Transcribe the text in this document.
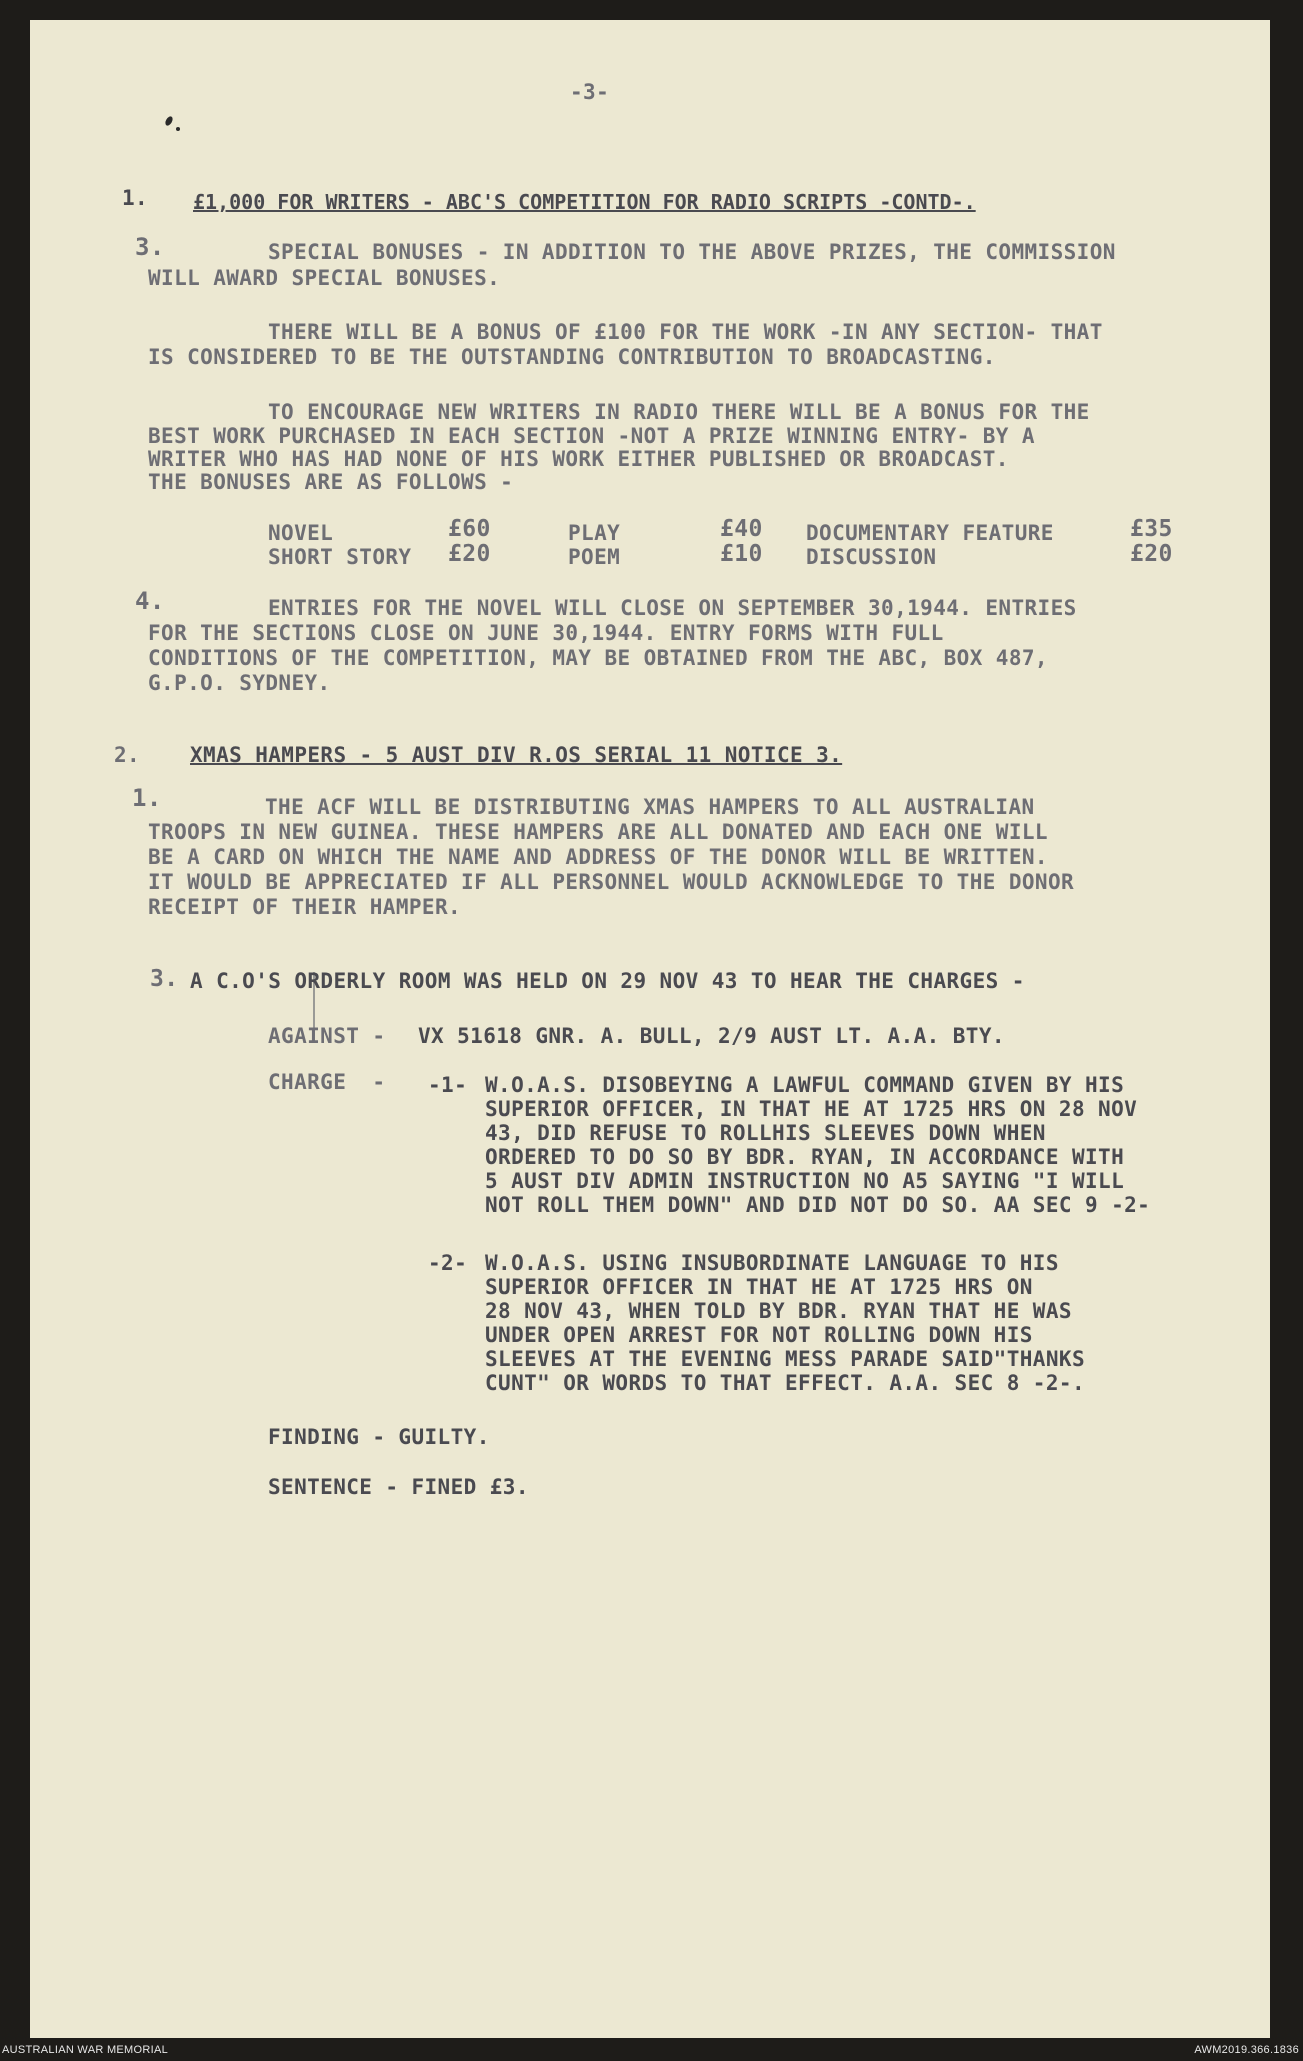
-3-

1. £1,000 FOR WRITERS - ABC'S COMPETITION FOR RADIO SCRIPTS -CONTD-.

3.	SPECIAL BONUSES - IN ADDITION TO THE ABOVE PRIZES, THE COMMISSION

WILL AWARD SPECIAL BONUSES.

THERE WILL BE A BONUS OF £100 FOR THE WORK -IN ANY SECTION- THAT

IS CONSIDERED TO BE THE OUTSTANDING CONTRIBUTION TO BROADCASTING.

TO ENCOURAGE NEW WRITERS IN RADIO THERE WILL BE A BONUS FOR THE

BEST WORK PURCHASED IN EACH SECTION -NOT A PRIZE WINNING ENTRY- BY A

WRITER WHO HAS HAD NONE OF HIS WORK EITHER PUBLISHED OR BROADCAST.

THE BONUSES ARE AS FOLLOWS -

NOVEL	£60	PLAY	£40 DOCUMENTARY FEATURE	£35

SHORT STORY £20	POEM	£10 DISCUSSION	£20

4.	ENTRIES FOR THE NOVEL WILL CLOSE ON SEPTEMBER 30,1944. ENTRIES

FOR THE SECTIONS CLOSE ON JUNE 30,1944. ENTRY FORMS WITH FULL

CONDITIONS OF THE COMPETITION, MAY BE OBTAINED FROM THE ABC, BOX 487,

G.P.O. SYDNEY.

2. XMAS HAMPERS - 5 AUST DIV R.OS SERIAL 11 NOTICE 3.

1.	THE ACF WILL BE DISTRIBUTING XMAS HAMPERS TO ALL AUSTRALIAN

TROOPS IN NEW GUINEA. THESE HAMPERS ARE ALL DONATED AND EACH ONE WILL

BE A CARD ON WHICH THE NAME AND ADDRESS OF THE DONOR WILL BE WRITTEN.

IT WOULD BE APPRECIATED IF ALL PERSONNEL WOULD ACKNOWLEDGE TO THE DONOR

RECEIPT OF THEIR HAMPER.

3. A C.O'S ORDERLY ROOM WAS HELD ON 29 NOV 43 TO HEAR THE CHARGES -

AGAINST - VX 51618 GNR. A. BULL, 2/9 AUST LT. A.A. BTY.

CHARGE  - -1- W.O.A.S. DISOBEYING A LAWFUL COMMAND GIVEN BY HIS

SUPERIOR OFFICER, IN THAT HE AT 1725 HRS ON 28 NOV

43, DID REFUSE TO ROLLHIS SLEEVES DOWN WHEN

ORDERED TO DO SO BY BDR. RYAN, IN ACCORDANCE WITH

5 AUST DIV ADMIN INSTRUCTION NO A5 SAYING "I WILL

NOT ROLL THEM DOWN" AND DID NOT DO SO. AA SEC 9 -2-

-2- W.O.A.S. USING INSUBORDINATE LANGUAGE TO HIS

SUPERIOR OFFICER IN THAT HE AT 1725 HRS ON

28 NOV 43, WHEN TOLD BY BDR. RYAN THAT HE WAS

UNDER OPEN ARREST FOR NOT ROLLING DOWN HIS

SLEEVES AT THE EVENING MESS PARADE SAID"THANKS

CUNT" OR WORDS TO THAT EFFECT. A.A. SEC 8 -2-.

FINDING - GUILTY.

SENTENCE - FINED £3.

AUSTRALIAN WAR MEMORIAL	AWM2019.366.1836
